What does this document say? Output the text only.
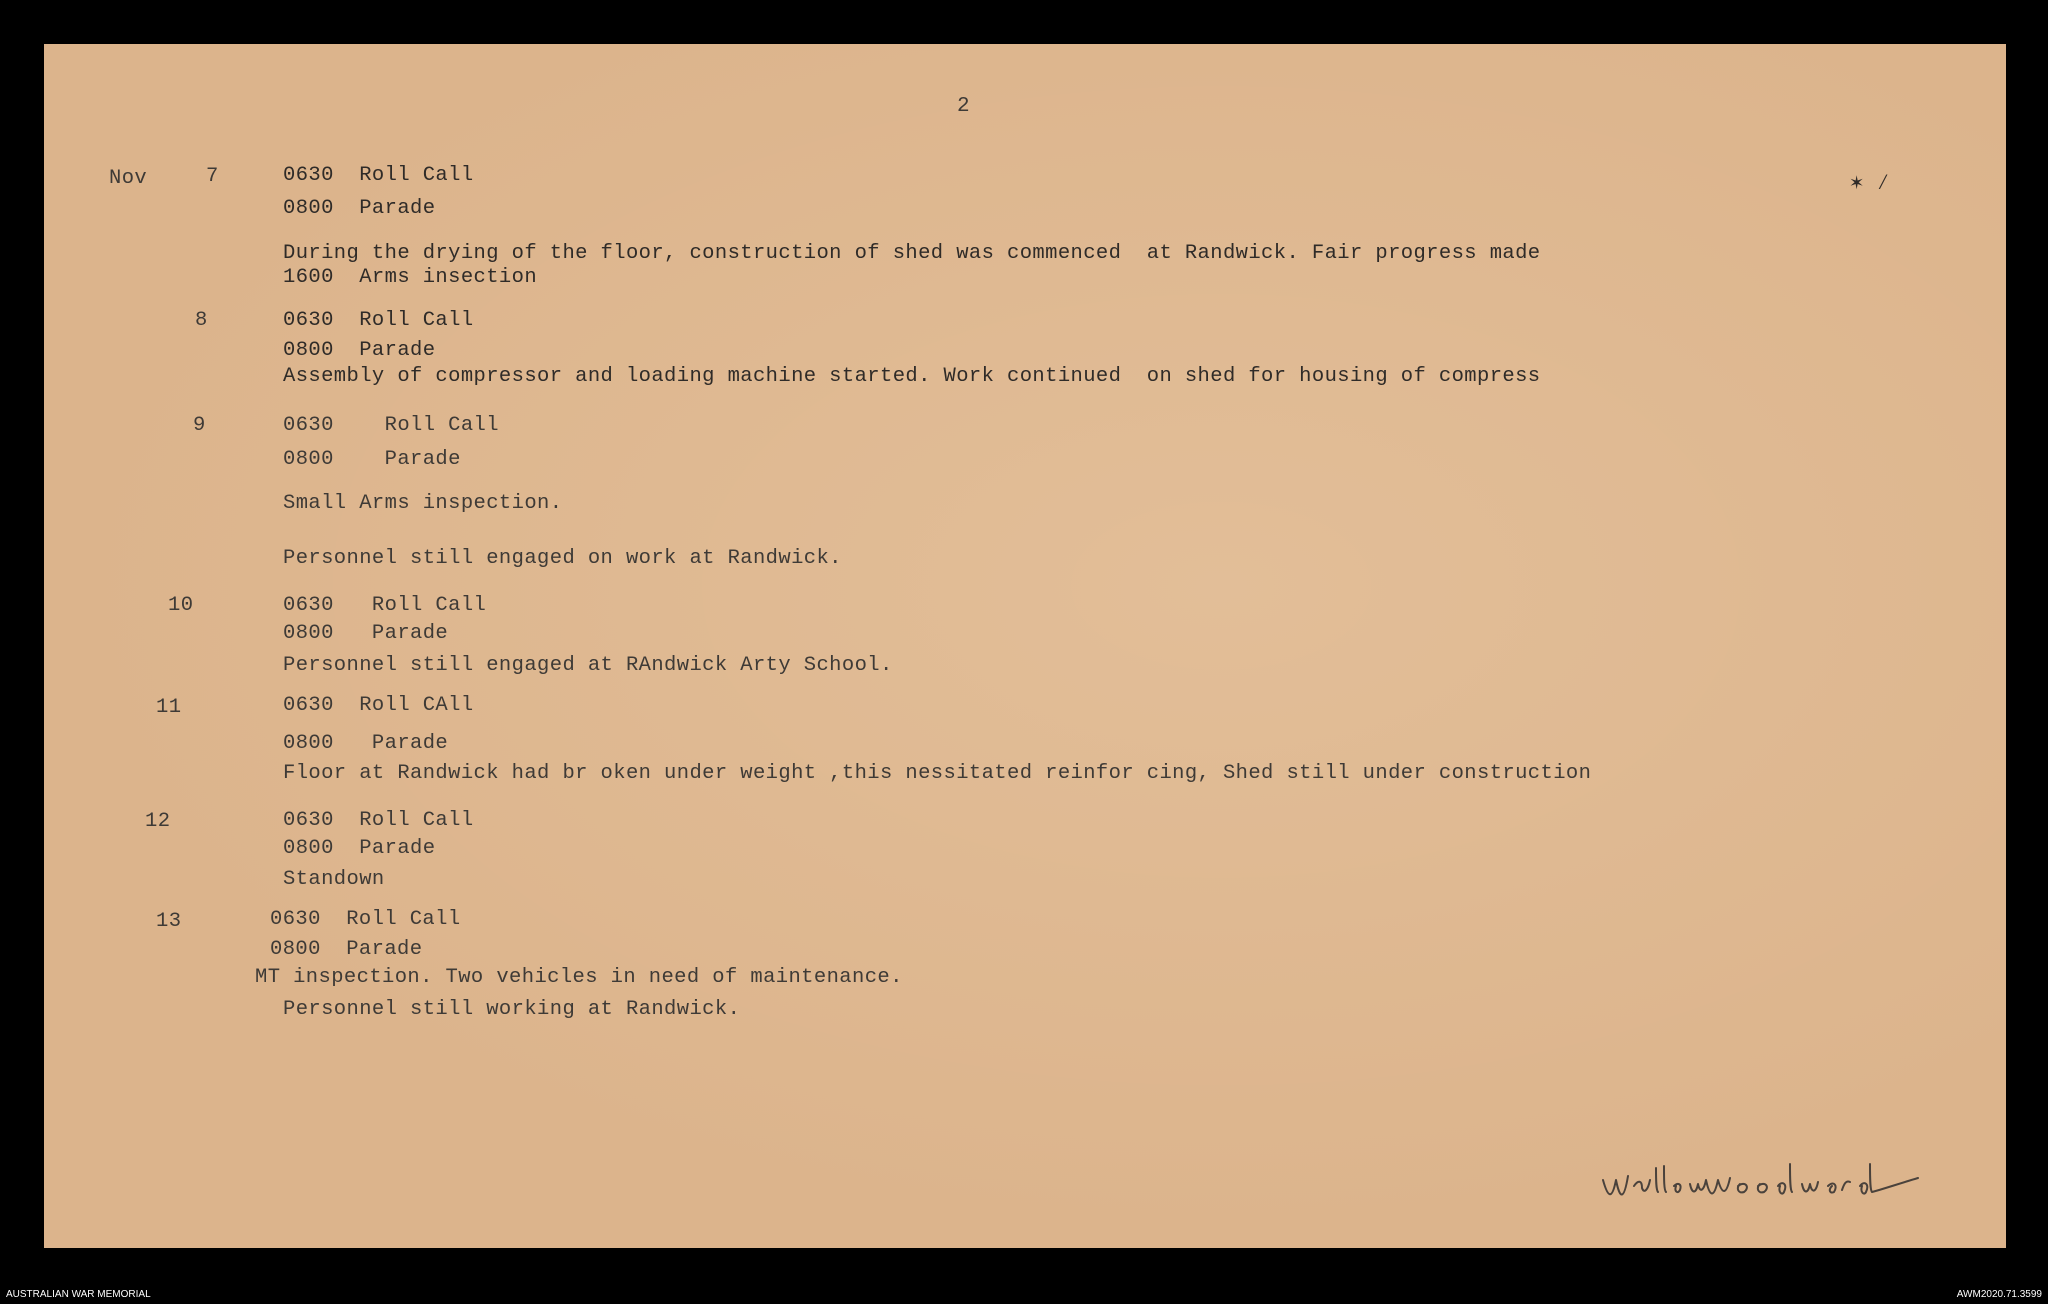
2
Nov	7	0630  Roll Call
0800  Parade
During the drying of the floor, construction of shed was commenced  at Randwick. Fair progress made
1600  Arms insection
8	0630  Roll Call
0800  Parade
Assembly of compressor and loading machine started. Work continued  on shed for housing of compress
9	0630    Roll Call
0800    Parade
Small Arms inspection.
Personnel still engaged on work at Randwick.
10	0630   Roll Call
0800   Parade
Personnel still engaged at RAndwick Arty School.
11	0630  Roll CAll
0800   Parade
Floor at Randwick had br oken under weight ,this nessitated reinfor cing, Shed still under construction
12	0630  Roll Call
0800  Parade
Standown
13	0630  Roll Call
0800  Parade
MT inspection. Two vehicles in need of maintenance.
Personnel still working at Randwick.
✶ ⁄
AUSTRALIAN WAR MEMORIAL	AWM2020.71.3599
